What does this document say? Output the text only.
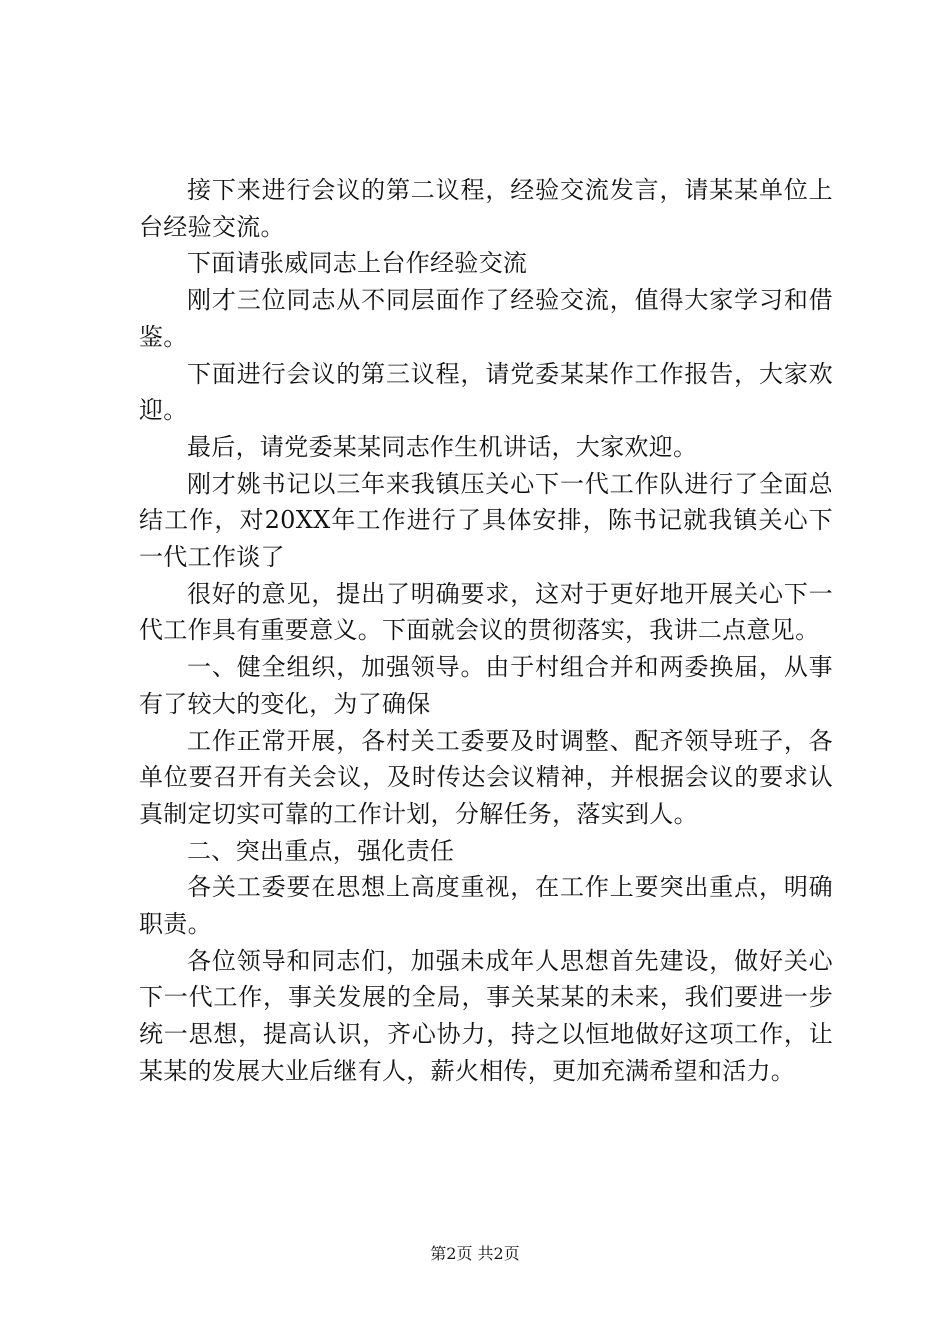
接下来进行会议的第二议程，经验交流发言，请某某单位上台经验交流。

下面请张威同志上台作经验交流

刚才三位同志从不同层面作了经验交流，值得大家学习和借鉴。

下面进行会议的第三议程，请党委某某作工作报告，大家欢迎。

最后，请党委某某同志作生机讲话，大家欢迎。

刚才姚书记以三年来我镇压关心下一代工作队进行了全面总结工作，对20XX年工作进行了具体安排，陈书记就我镇关心下一代工作谈了

很好的意见，提出了明确要求，这对于更好地开展关心下一代工作具有重要意义。下面就会议的贯彻落实，我讲二点意见。

一、健全组织，加强领导。由于村组合并和两委换届，从事有了较大的变化，为了确保

工作正常开展，各村关工委要及时调整、配齐领导班子，各单位要召开有关会议，及时传达会议精神，并根据会议的要求认真制定切实可靠的工作计划，分解任务，落实到人。

二、突出重点，强化责任

各关工委要在思想上高度重视，在工作上要突出重点，明确职责。

各位领导和同志们，加强未成年人思想首先建设，做好关心下一代工作，事关发展的全局，事关某某的未来，我们要进一步统一思想，提高认识，齐心协力，持之以恒地做好这项工作，让某某的发展大业后继有人，薪火相传，更加充满希望和活力。

第2页 共2页
